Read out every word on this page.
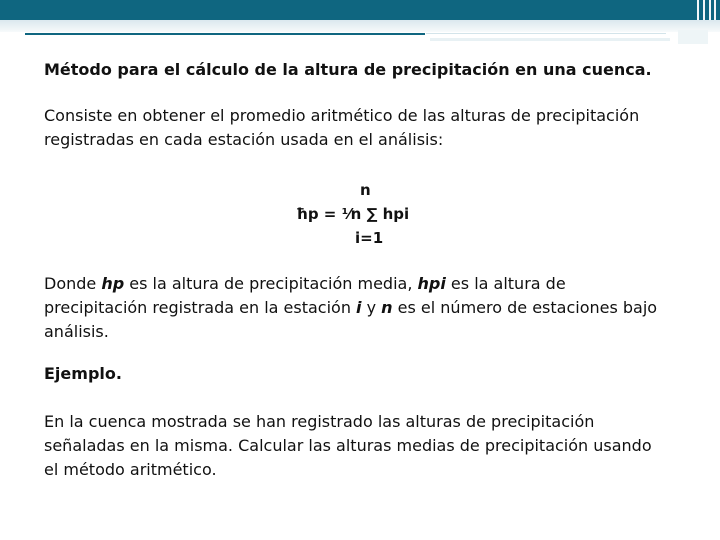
Método para el cálculo de la altura de precipitación en una cuenca.
Consiste en obtener el promedio aritmético de las alturas de precipitación
registradas en cada estación usada en el análisis:
n
ħp = ¹⁄n ∑ hpi
i=1
Donde hp es la altura de precipitación media, hpi es la altura de
precipitación registrada en la estación i y n es el número de estaciones bajo
análisis.
Ejemplo.
En la cuenca mostrada se han registrado las alturas de precipitación
señaladas en la misma. Calcular las alturas medias de precipitación usando
el método aritmético.
